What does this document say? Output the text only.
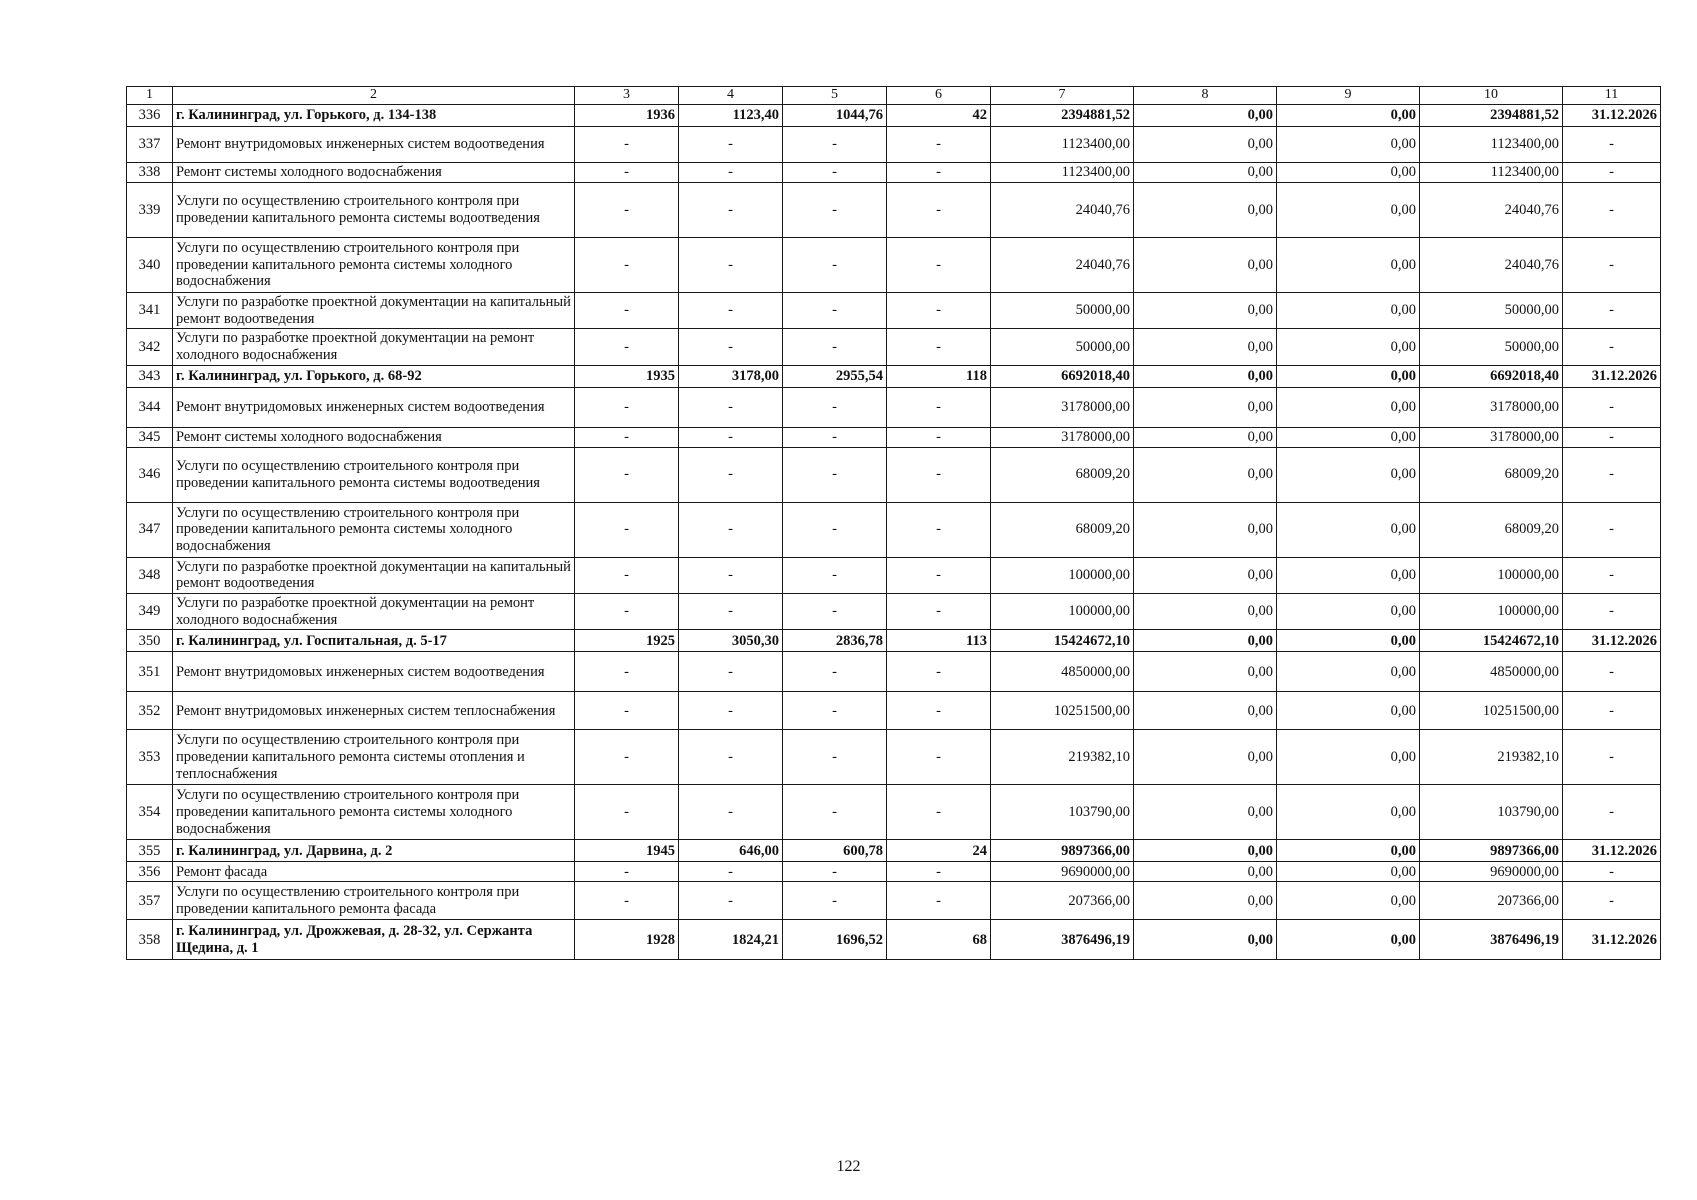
1	2	3	4	5	6	7	8	9	10	11
336	г. Калининград, ул. Горького, д. 134-138	1936	1123,40	1044,76	42	2394881,52	0,00	0,00	2394881,52	31.12.2026
337	Ремонт внутридомовых инженерных систем водоотведения	-	-	-	-	1123400,00	0,00	0,00	1123400,00	-
338	Ремонт системы холодного водоснабжения	-	-	-	-	1123400,00	0,00	0,00	1123400,00	-
339	Услуги по осуществлению строительного контроля при проведении капитального ремонта системы водоотведения	-	-	-	-	24040,76	0,00	0,00	24040,76	-
340	Услуги по осуществлению строительного контроля при проведении капитального ремонта системы холодного водоснабжения	-	-	-	-	24040,76	0,00	0,00	24040,76	-
341	Услуги по разработке проектной документации на капитальный ремонт водоотведения	-	-	-	-	50000,00	0,00	0,00	50000,00	-
342	Услуги по разработке проектной документации на ремонт холодного водоснабжения	-	-	-	-	50000,00	0,00	0,00	50000,00	-
343	г. Калининград, ул. Горького, д. 68-92	1935	3178,00	2955,54	118	6692018,40	0,00	0,00	6692018,40	31.12.2026
344	Ремонт внутридомовых инженерных систем водоотведения	-	-	-	-	3178000,00	0,00	0,00	3178000,00	-
345	Ремонт системы холодного водоснабжения	-	-	-	-	3178000,00	0,00	0,00	3178000,00	-
346	Услуги по осуществлению строительного контроля при проведении капитального ремонта системы водоотведения	-	-	-	-	68009,20	0,00	0,00	68009,20	-
347	Услуги по осуществлению строительного контроля при проведении капитального ремонта системы холодного водоснабжения	-	-	-	-	68009,20	0,00	0,00	68009,20	-
348	Услуги по разработке проектной документации на капитальный ремонт водоотведения	-	-	-	-	100000,00	0,00	0,00	100000,00	-
349	Услуги по разработке проектной документации на ремонт холодного водоснабжения	-	-	-	-	100000,00	0,00	0,00	100000,00	-
350	г. Калининград, ул. Госпитальная, д. 5-17	1925	3050,30	2836,78	113	15424672,10	0,00	0,00	15424672,10	31.12.2026
351	Ремонт внутридомовых инженерных систем водоотведения	-	-	-	-	4850000,00	0,00	0,00	4850000,00	-
352	Ремонт внутридомовых инженерных систем теплоснабжения	-	-	-	-	10251500,00	0,00	0,00	10251500,00	-
353	Услуги по осуществлению строительного контроля при проведении капитального ремонта системы отопления и теплоснабжения	-	-	-	-	219382,10	0,00	0,00	219382,10	-
354	Услуги по осуществлению строительного контроля при проведении капитального ремонта системы холодного водоснабжения	-	-	-	-	103790,00	0,00	0,00	103790,00	-
355	г. Калининград, ул. Дарвина, д. 2	1945	646,00	600,78	24	9897366,00	0,00	0,00	9897366,00	31.12.2026
356	Ремонт фасада	-	-	-	-	9690000,00	0,00	0,00	9690000,00	-
357	Услуги по осуществлению строительного контроля при проведении капитального ремонта фасада	-	-	-	-	207366,00	0,00	0,00	207366,00	-
358	г. Калининград, ул. Дрожжевая, д. 28-32, ул. Сержанта Щедина, д. 1	1928	1824,21	1696,52	68	3876496,19	0,00	0,00	3876496,19	31.12.2026
122
